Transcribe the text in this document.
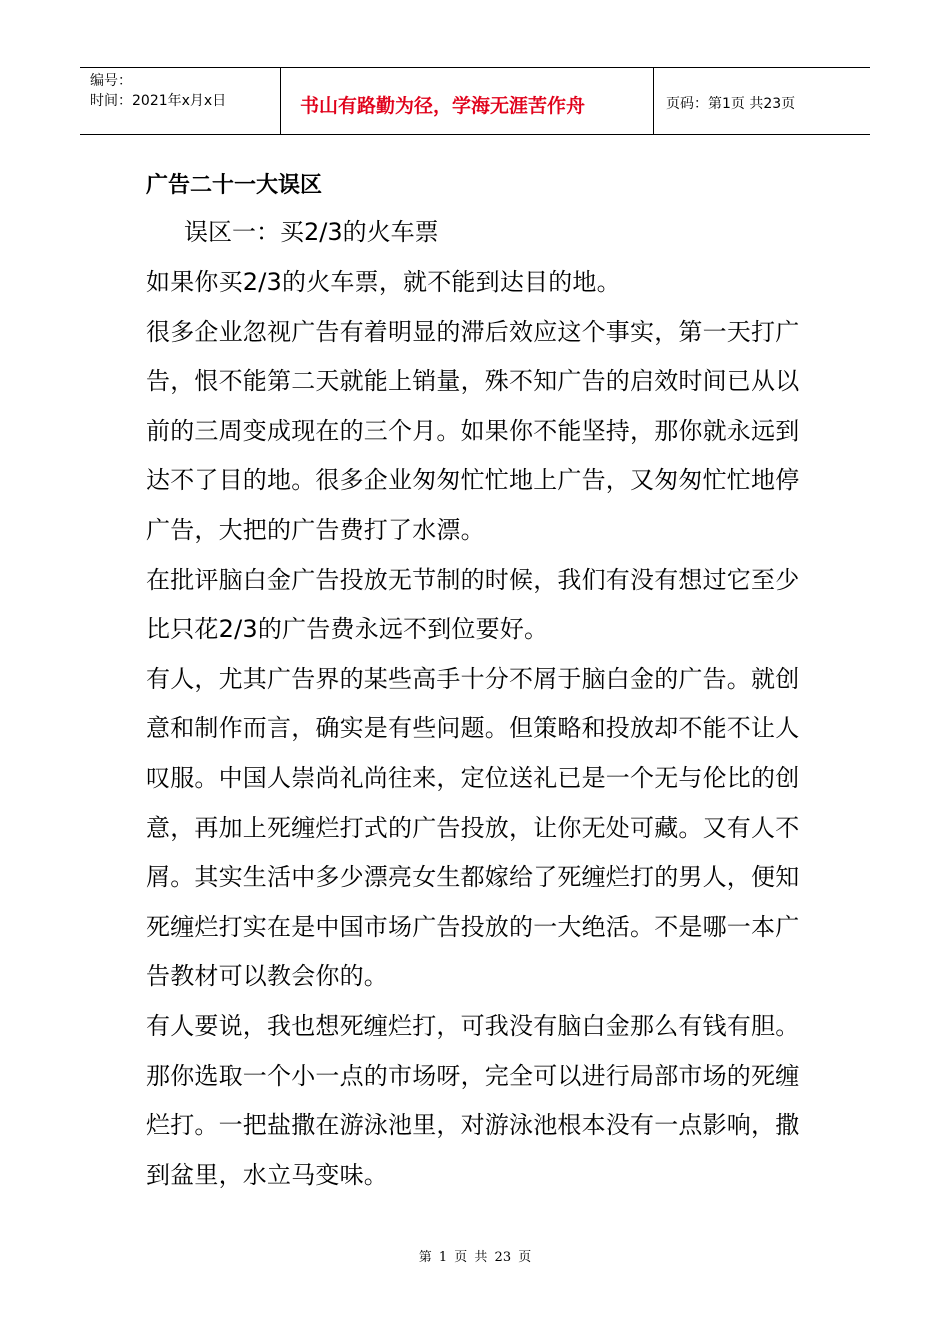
编号：
时间：2021年x月x日	书山有路勤为径，学海无涯苦作舟	页码：第1页 共23页
广告二十一大误区
误区一：买2/3的火车票

如果你买2/3的火车票，就不能到达目的地。

很多企业忽视广告有着明显的滞后效应这个事实，第一天打广告，恨不能第二天就能上销量，殊不知广告的启效时间已从以前的三周变成现在的三个月。如果你不能坚持，那你就永远到达不了目的地。很多企业匆匆忙忙地上广告，又匆匆忙忙地停广告，大把的广告费打了水漂。

在批评脑白金广告投放无节制的时候，我们有没有想过它至少比只花2/3的广告费永远不到位要好。

有人，尤其广告界的某些高手十分不屑于脑白金的广告。就创意和制作而言，确实是有些问题。但策略和投放却不能不让人叹服。中国人崇尚礼尚往来，定位送礼已是一个无与伦比的创意，再加上死缠烂打式的广告投放，让你无处可藏。又有人不屑。其实生活中多少漂亮女生都嫁给了死缠烂打的男人，便知死缠烂打实在是中国市场广告投放的一大绝活。不是哪一本广告教材可以教会你的。

有人要说，我也想死缠烂打，可我没有脑白金那么有钱有胆。那你选取一个小一点的市场呀，完全可以进行局部市场的死缠烂打。一把盐撒在游泳池里，对游泳池根本没有一点影响，撒到盆里，水立马变味。

第 1 页 共 23 页
